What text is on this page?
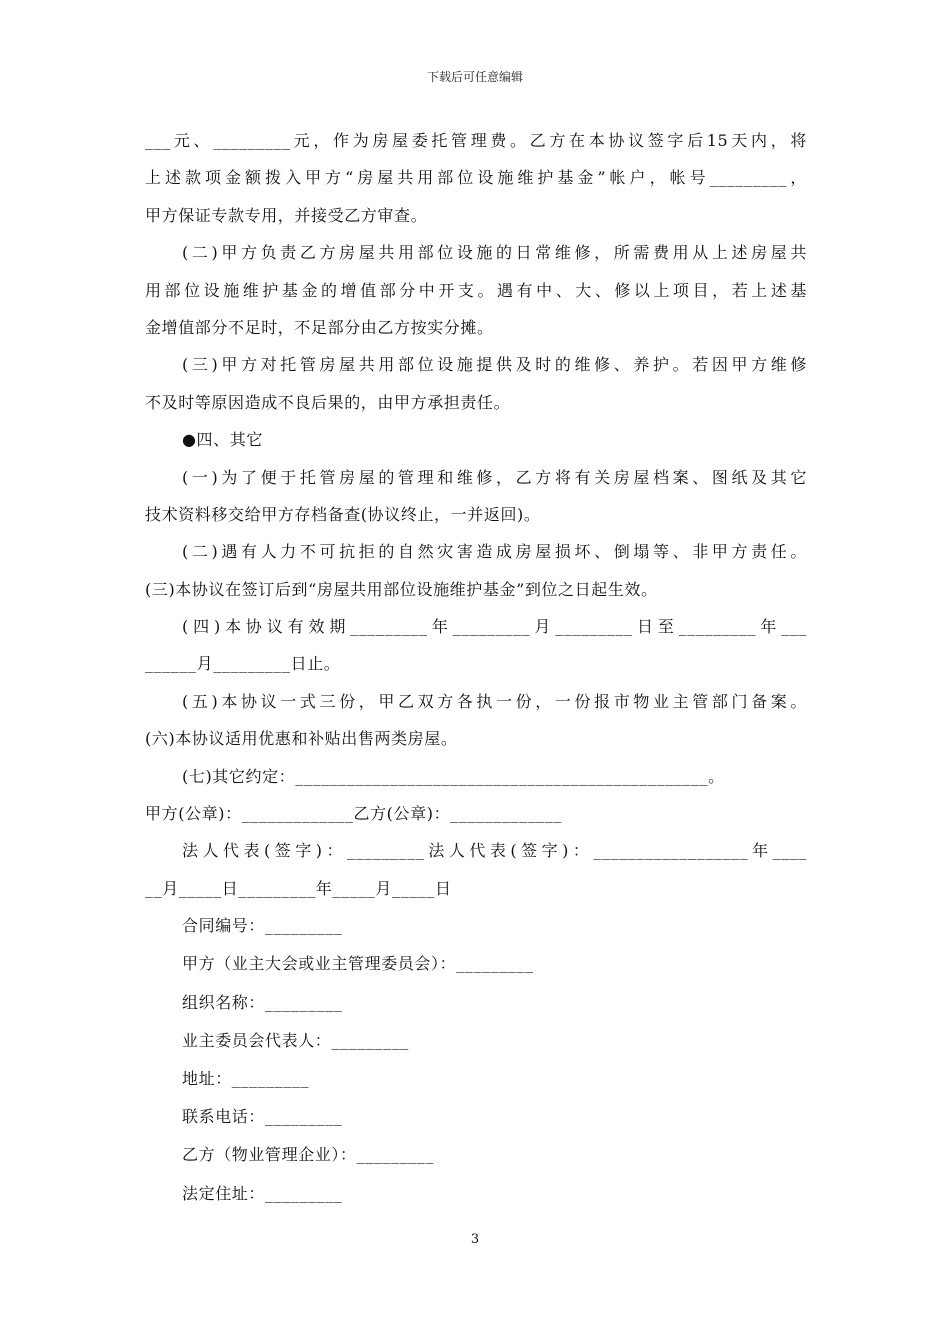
下载后可任意编辑
___元、_________元，作为房屋委托管理费。乙方在本协议签字后15天内，将
上述款项金额拨入甲方“房屋共用部位设施维护基金”帐户，帐号_________，
甲方保证专款专用，并接受乙方审查。
(二)甲方负责乙方房屋共用部位设施的日常维修，所需费用从上述房屋共
用部位设施维护基金的增值部分中开支。遇有中、大、修以上项目，若上述基
金增值部分不足时，不足部分由乙方按实分摊。
(三)甲方对托管房屋共用部位设施提供及时的维修、养护。若因甲方维修
不及时等原因造成不良后果的，由甲方承担责任。
●四、其它
(一)为了便于托管房屋的管理和维修，乙方将有关房屋档案、图纸及其它
技术资料移交给甲方存档备查(协议终止，一并返回)。
(二)遇有人力不可抗拒的自然灾害造成房屋损坏、倒塌等、非甲方责任。
(三)本协议在签订后到“房屋共用部位设施维护基金”到位之日起生效。
(四)本协议有效期_________年_________月_________日至_________年___
______月_________日止。
(五)本协议一式三份，甲乙双方各执一份，一份报市物业主管部门备案。
(六)本协议适用优惠和补贴出售两类房屋。
(七)其它约定：________________________________________________。
甲方(公章)：_____________乙方(公章)：_____________
法人代表(签字)：_________法人代表(签字)：__________________年____
__月_____日_________年_____月_____日
合同编号：_________
甲方（业主大会或业主管理委员会）：_________
组织名称：_________
业主委员会代表人：_________
地址：_________
联系电话：_________
乙方（物业管理企业）：_________
法定住址：_________
3
